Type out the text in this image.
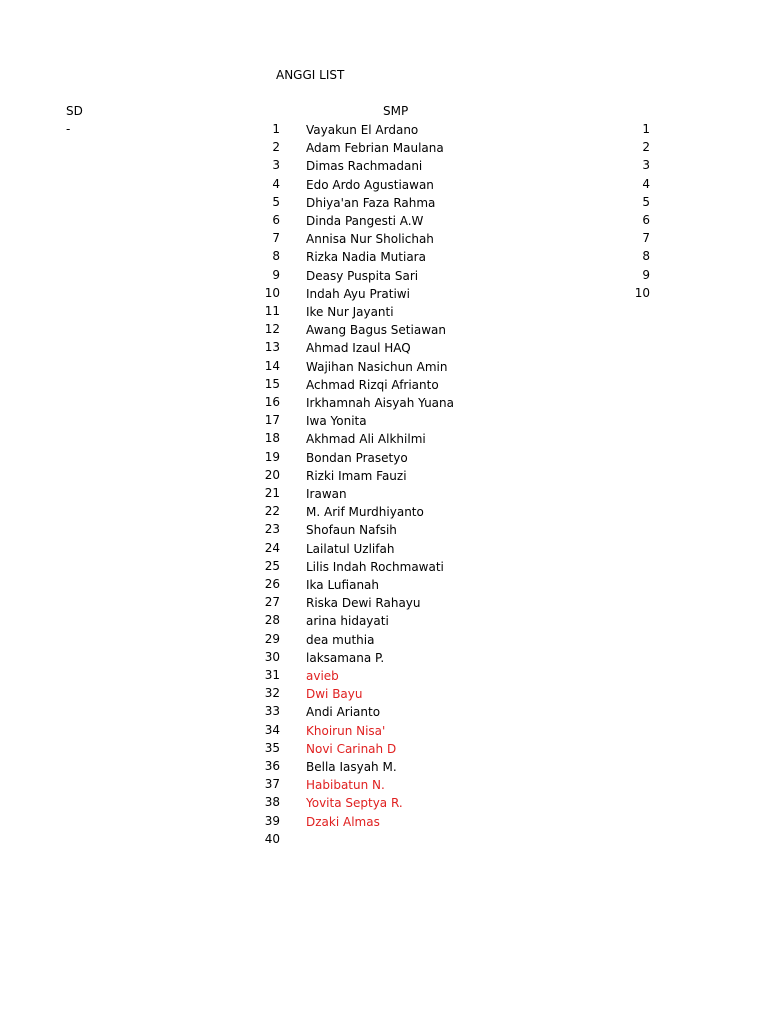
ANGGI LIST
SD	SMP
-	1
2
3
4
5
6
7
8
9
10
11
12
13
14
15
16
17
18
19
20
21
22
23
24
25
26
27
28
29
30
31
32
33
34
35
36
37
38
39
40
Vayakun El Ardano
Adam Febrian Maulana
Dimas Rachmadani
Edo Ardo Agustiawan
Dhiya'an Faza Rahma
Dinda Pangesti A.W
Annisa Nur Sholichah
Rizka Nadia Mutiara
Deasy Puspita Sari
Indah Ayu Pratiwi
Ike Nur Jayanti
Awang Bagus Setiawan
Ahmad Izaul HAQ
Wajihan Nasichun Amin
Achmad Rizqi Afrianto
Irkhamnah Aisyah Yuana
Iwa Yonita
Akhmad Ali Alkhilmi
Bondan Prasetyo
Rizki Imam Fauzi
Irawan
M. Arif Murdhiyanto
Shofaun Nafsih
Lailatul Uzlifah
Lilis Indah Rochmawati
Ika Lufianah
Riska Dewi Rahayu
arina hidayati
dea muthia
laksamana P.
avieb
Dwi Bayu
Andi Arianto
Khoirun Nisa'
Novi Carinah D
Bella Iasyah M.
Habibatun N.
Yovita Septya R.
Dzaki Almas
1
2
3
4
5
6
7
8
9
10
